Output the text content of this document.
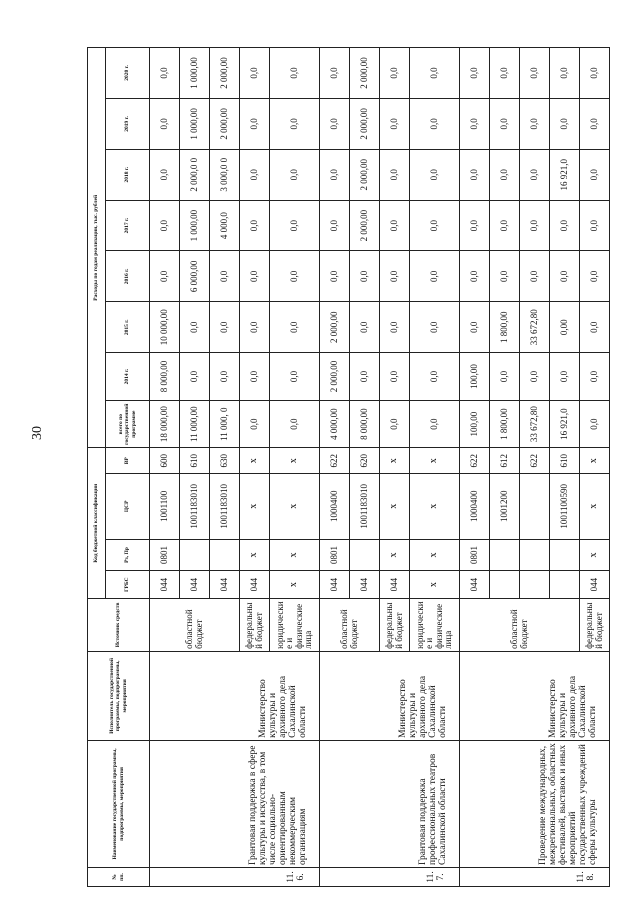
30
№ пп.	Наименование государственной программы, подпрограммы, мероприятия	Исполнитель государственной программы, подпрограммы, мероприятия	Источник средств	Код бюджетной классификации				Расходы по годам реализации, тыс. рублей							
				ГРБС	Рз, Пр	ЦСР	ВР	всего по государственной программе	2014 г.	2015 г.	2016 г.	2017 г.	2018 г.	2019 г.	2020 г.

11.6.	Грантовая поддержка в сфере культуры и искусства, в том числе социально-ориентированным некоммерческим организациям	Министерство культуры и архивного дела Сахалинской области	областной бюджет	044	0801	1001100	600	18 000,00	8 000,00	10 000,00	0,0	0,0	0,0	0,0	0,0
				044		1001183010	610	11 000,00	0,0	0,0	6 000,00	1 000,00	2 000,0 0	1 000,00	1 000,00
				044		1001183010	630	11 000, 0	0,0	0,0	0,0	4 000,0	3 000,0 0	2 000,00	2 000,00
			федеральный бюджет	044	x	x	x	0,0	0,0	0,0	0,0	0,0	0,0	0,0	0,0
			юридические и физические лица	x	x	x	x	0,0	0,0	0,0	0,0	0,0	0,0	0,0	0,0
11.7.	Грантовая поддержка профессиональных театров Сахалинской области	Министерство культуры и архивного дела Сахалинской области	областной бюджет	044	0801	1000400	622	4 000,00	2 000,00	2 000,00	0,0	0,0	0,0	0,0	0,0
				044		1001183010	620	8 000,00	0,0	0,0	0,0	2 000,00	2 000,00	2 000,00	2 000,00
			федеральный бюджет	044	x	x	x	0,0	0,0	0,0	0,0	0,0	0,0	0,0	0,0
			юридические и физические лица	x	x	x	x	0,0	0,0	0,0	0,0	0,0	0,0	0,0	0,0
11.8.	Проведение международных, межрегиональных, областных фестивалей, выставок и иных мероприятий государственных учреждений сферы культуры	Министерство культуры и архивного дела Сахалинской области	областной бюджет	044	0801	1000400	622	100,00	100,00	0,0	0,0	0,0	0,0	0,0	0,0
						1001200	612	1 800,00	0,0	1 800,00	0,0	0,0	0,0	0,0	0,0
							622	33 672,80	0,0	33 672,80	0,0	0,0	0,0	0,0	0,0
						1001100590	610	16 921,0	0,0	0,00	0,0	0,0	16 921,0	0,0	0,0
			федеральный бюджет	044	x	x	x	0,0	0,0	0,0	0,0	0,0	0,0	0,0	0,0
